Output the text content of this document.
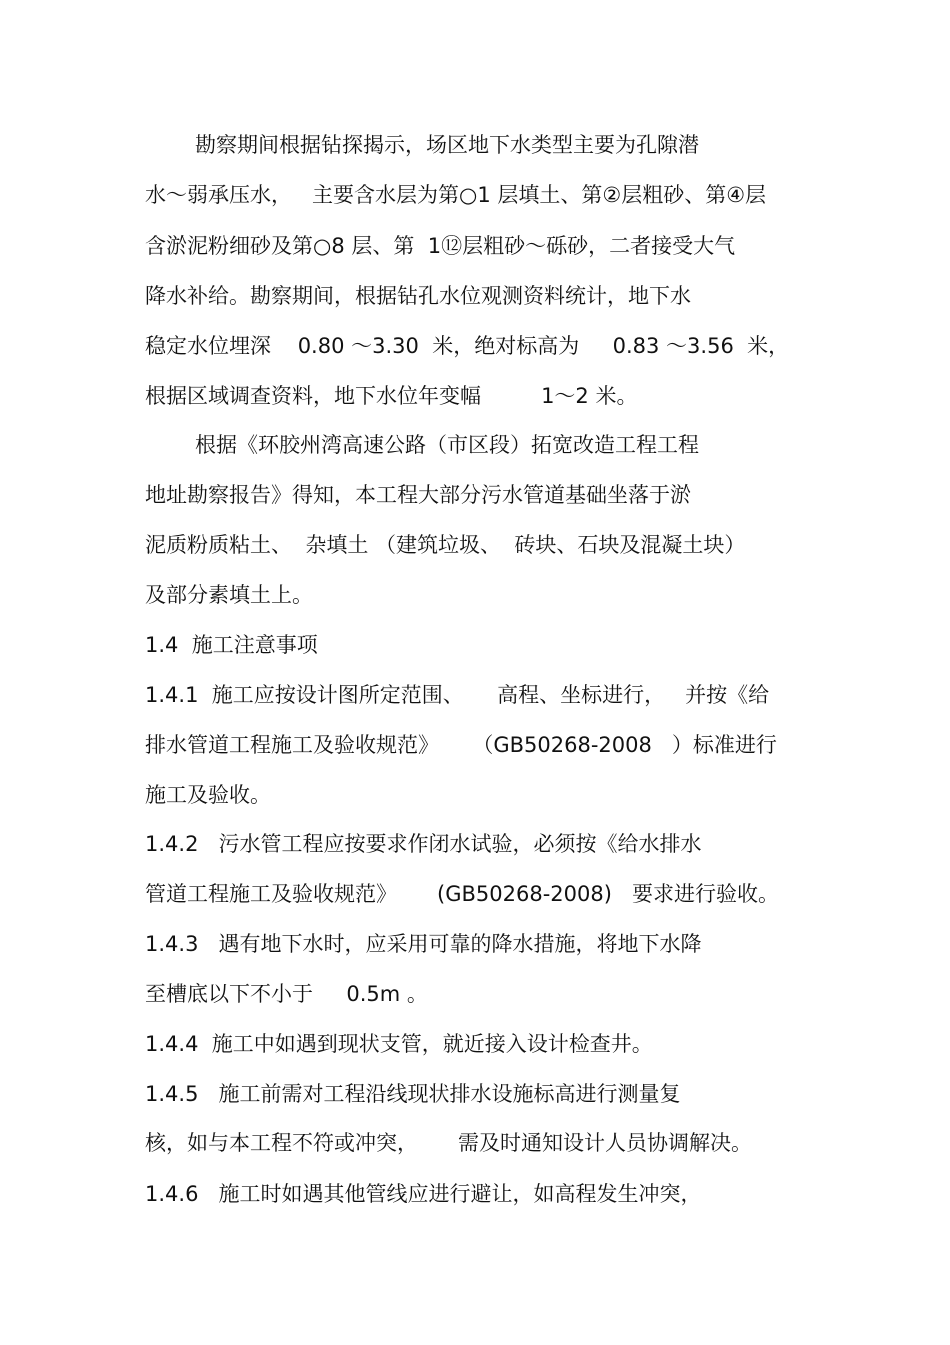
勘察期间根据钻探揭示，场区地下水类型主要为孔隙潜
水～弱承压水，   主要含水层为第○1 层填土、第②层粗砂、第④层
含淤泥粉细砂及第○8 层、第  1⑫层粗砂～砾砂，二者接受大气
降水补给。勘察期间，根据钻孔水位观测资料统计，地下水
稳定水位埋深    0.80 ～3.30  米，绝对标高为     0.83 ～3.56  米，
根据区域调查资料，地下水位年变幅         1～2 米。
根据《环胶州湾高速公路（市区段）拓宽改造工程工程
地址勘察报告》得知，本工程大部分污水管道基础坐落于淤
泥质粉质粘土、  杂填土 （建筑垃圾、  砖块、石块及混凝土块）
及部分素填土上。
1.4  施工注意事项
1.4.1  施工应按设计图所定范围、     高程、坐标进行，   并按《给
排水管道工程施工及验收规范》     （GB50268-2008   ）标准进行
施工及验收。
1.4.2   污水管工程应按要求作闭水试验，必须按《给水排水
管道工程施工及验收规范》      (GB50268-2008)   要求进行验收。
1.4.3   遇有地下水时，应采用可靠的降水措施，将地下水降
至槽底以下不小于     0.5m 。
1.4.4  施工中如遇到现状支管，就近接入设计检查井。
1.4.5   施工前需对工程沿线现状排水设施标高进行测量复
核，如与本工程不符或冲突，      需及时通知设计人员协调解决。
1.4.6   施工时如遇其他管线应进行避让，如高程发生冲突，
